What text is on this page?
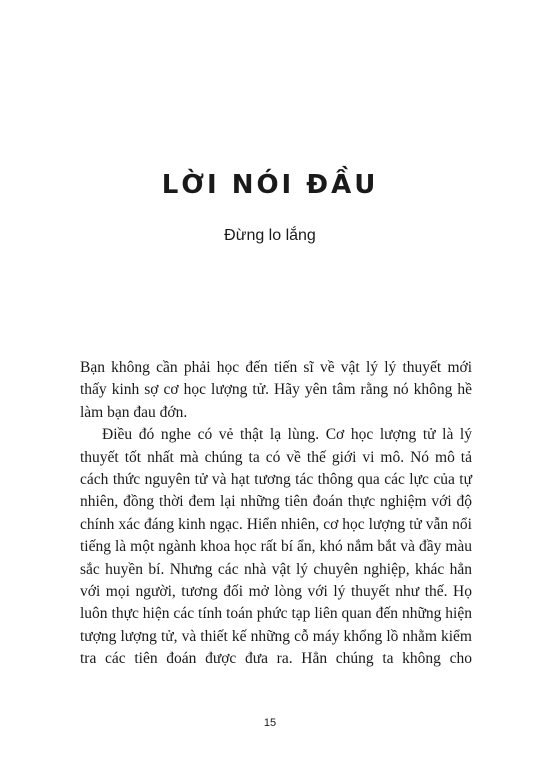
LỜI NÓI ĐẦU

Đừng lo lắng

Bạn không cần phải học đến tiến sĩ về vật lý lý thuyết mới thấy kinh sợ cơ học lượng tử. Hãy yên tâm rằng nó không hề làm bạn đau đớn.

Điều đó nghe có vẻ thật lạ lùng. Cơ học lượng tử là lý thuyết tốt nhất mà chúng ta có về thế giới vi mô. Nó mô tả cách thức nguyên tử và hạt tương tác thông qua các lực của tự nhiên, đồng thời đem lại những tiên đoán thực nghiệm với độ chính xác đáng kinh ngạc. Hiển nhiên, cơ học lượng tử vẫn nổi tiếng là một ngành khoa học rất bí ẩn, khó nắm bắt và đầy màu sắc huyền bí. Nhưng các nhà vật lý chuyên nghiệp, khác hẳn với mọi người, tương đối mở lòng với lý thuyết như thế. Họ luôn thực hiện các tính toán phức tạp liên quan đến những hiện tượng lượng tử, và thiết kế những cỗ máy khổng lồ nhằm kiểm tra các tiên đoán được đưa ra. Hẳn chúng ta không cho

15
